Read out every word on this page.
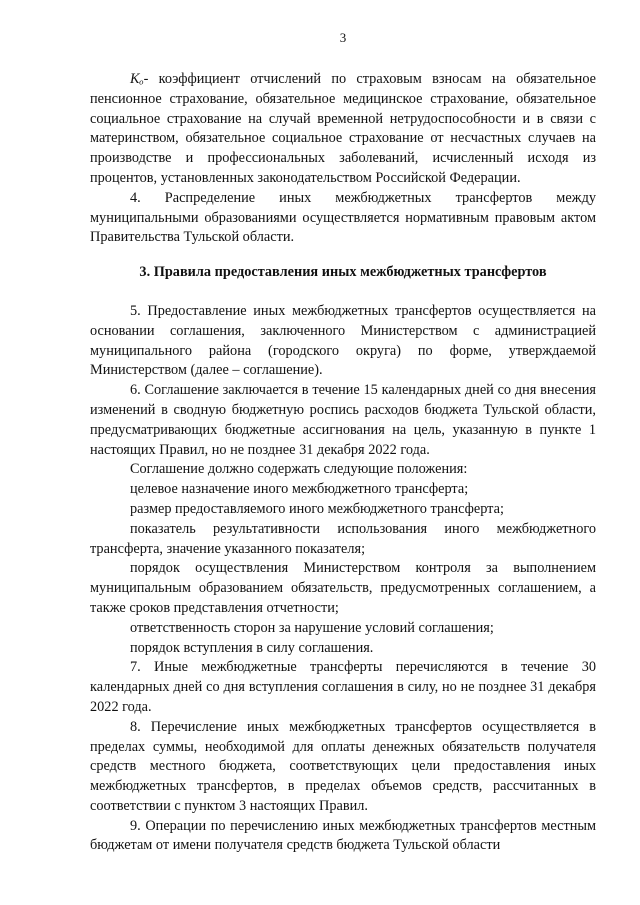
3

Kₒ- коэффициент отчислений по страховым взносам на обязательное пенсионное страхование, обязательное медицинское страхование, обязательное социальное страхование на случай временной нетрудоспособности и в связи с материнством, обязательное социальное страхование от несчастных случаев на производстве и профессиональных заболеваний, исчисленный исходя из процентов, установленных законодательством Российской Федерации.

4. Распределение иных межбюджетных трансфертов между муниципальными образованиями осуществляется нормативным правовым актом Правительства Тульской области.

3. Правила предоставления иных межбюджетных трансфертов

5. Предоставление иных межбюджетных трансфертов осуществляется на основании соглашения, заключенного Министерством с администрацией муниципального района (городского округа) по форме, утверждаемой Министерством (далее – соглашение).

6. Соглашение заключается в течение 15 календарных дней со дня внесения изменений в сводную бюджетную роспись расходов бюджета Тульской области, предусматривающих бюджетные ассигнования на цель, указанную в пункте 1 настоящих Правил, но не позднее 31 декабря 2022 года.

Соглашение должно содержать следующие положения:

целевое назначение иного межбюджетного трансферта;

размер предоставляемого иного межбюджетного трансферта;

показатель результативности использования иного межбюджетного трансферта, значение указанного показателя;

порядок осуществления Министерством контроля за выполнением муниципальным образованием обязательств, предусмотренных соглашением, а также сроков представления отчетности;

ответственность сторон за нарушение условий соглашения;

порядок вступления в силу соглашения.

7. Иные межбюджетные трансферты перечисляются в течение 30 календарных дней со дня вступления соглашения в силу, но не позднее 31 декабря 2022 года.

8. Перечисление иных межбюджетных трансфертов осуществляется в пределах суммы, необходимой для оплаты денежных обязательств получателя средств местного бюджета, соответствующих цели предоставления иных межбюджетных трансфертов, в пределах объемов средств, рассчитанных в соответствии с пунктом 3 настоящих Правил.

9. Операции по перечислению иных межбюджетных трансфертов местным бюджетам от имени получателя средств бюджета Тульской области
